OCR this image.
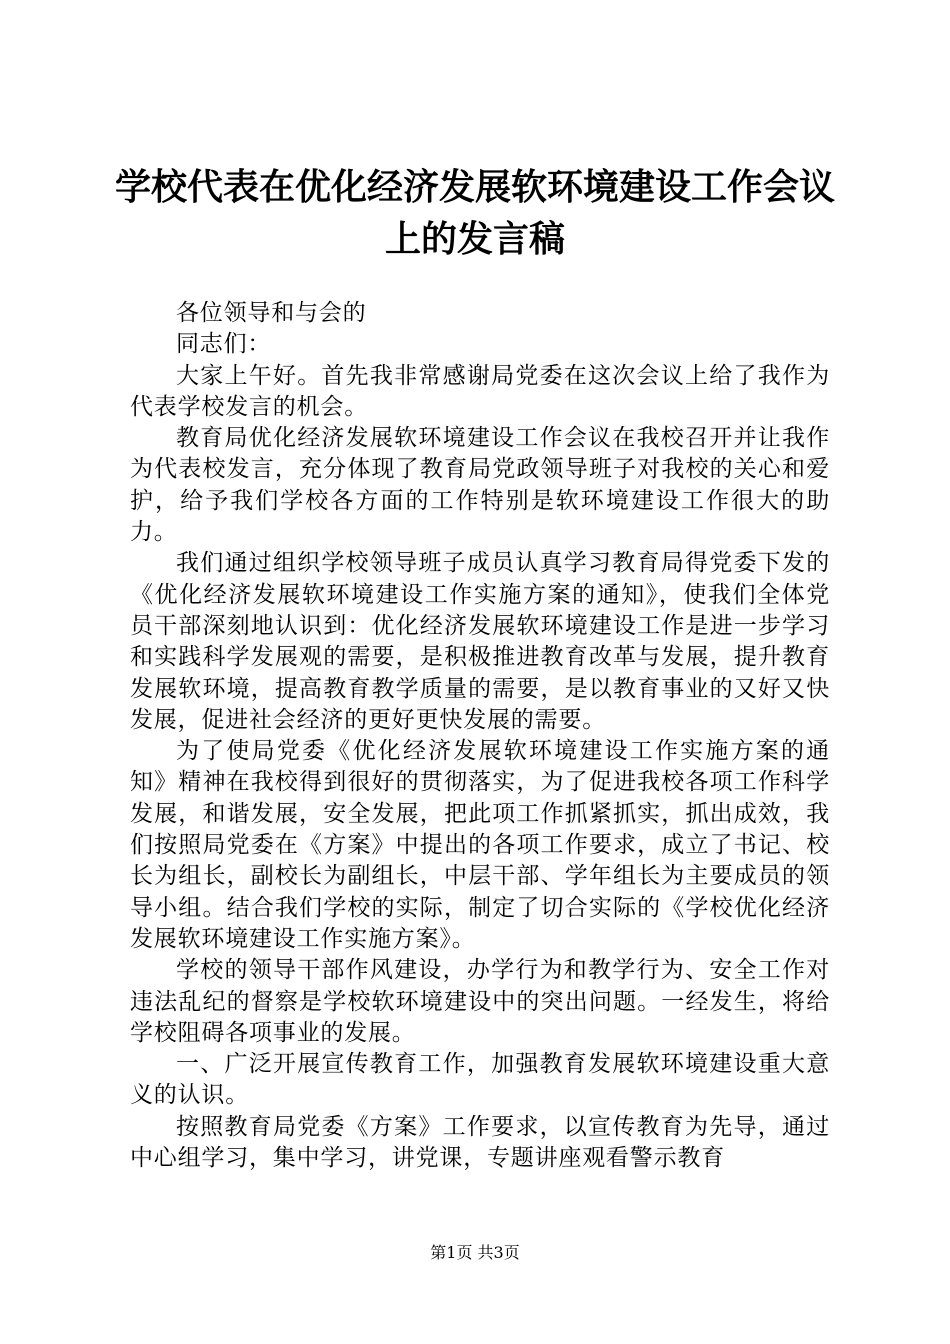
学校代表在优化经济发展软环境建设工作会议上的发言稿

各位领导和与会的

同志们：

大家上午好。首先我非常感谢局党委在这次会议上给了我作为代表学校发言的机会。

教育局优化经济发展软环境建设工作会议在我校召开并让我作为代表校发言，充分体现了教育局党政领导班子对我校的关心和爱护，给予我们学校各方面的工作特别是软环境建设工作很大的助力。

我们通过组织学校领导班子成员认真学习教育局得党委下发的《优化经济发展软环境建设工作实施方案的通知》，使我们全体党员干部深刻地认识到：优化经济发展软环境建设工作是进一步学习和实践科学发展观的需要，是积极推进教育改革与发展，提升教育发展软环境，提高教育教学质量的需要，是以教育事业的又好又快发展，促进社会经济的更好更快发展的需要。

为了使局党委《优化经济发展软环境建设工作实施方案的通知》精神在我校得到很好的贯彻落实，为了促进我校各项工作科学发展，和谐发展，安全发展，把此项工作抓紧抓实，抓出成效，我们按照局党委在《方案》中提出的各项工作要求，成立了书记、校长为组长，副校长为副组长，中层干部、学年组长为主要成员的领导小组。结合我们学校的实际，制定了切合实际的《学校优化经济发展软环境建设工作实施方案》。

学校的领导干部作风建设，办学行为和教学行为、安全工作对违法乱纪的督察是学校软环境建设中的突出问题。一经发生，将给学校阻碍各项事业的发展。

一、广泛开展宣传教育工作，加强教育发展软环境建设重大意义的认识。

按照教育局党委《方案》工作要求，以宣传教育为先导，通过中心组学习，集中学习，讲党课，专题讲座观看警示教育

第1页 共3页
